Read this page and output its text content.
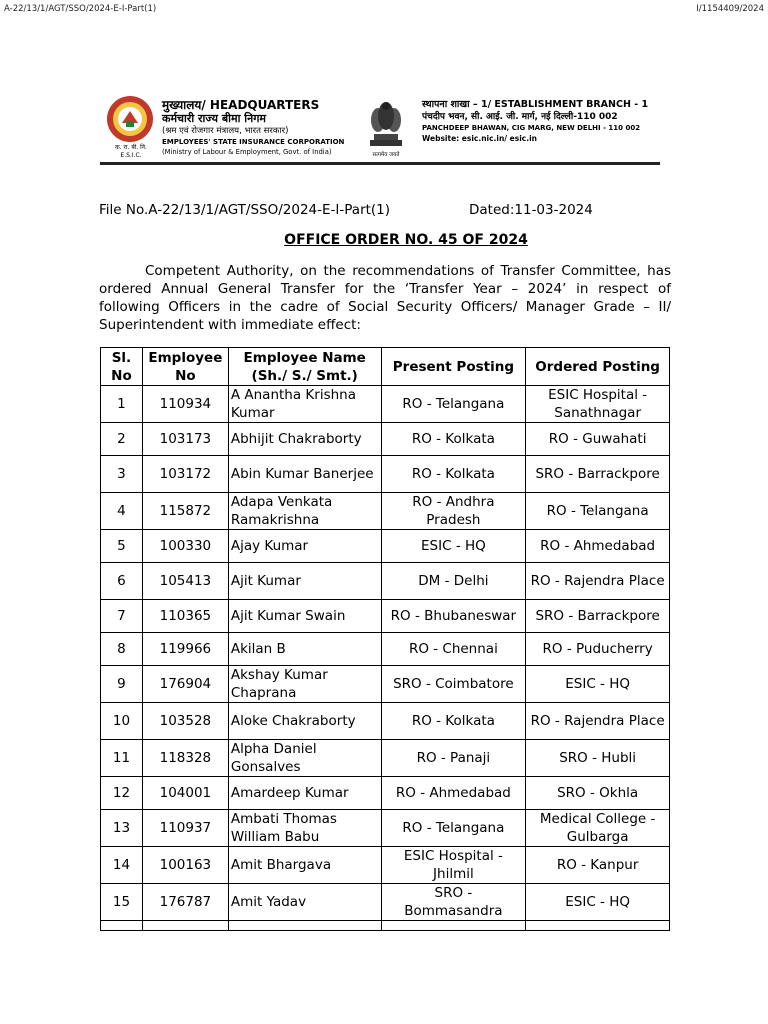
A-22/13/1/AGT/SSO/2024-E-I-Part(1)	I/1154409/2024
क. रा. बी. नि.
E.S.I.C.
मुख्यालय/ HEADQUARTERS
कर्मचारी राज्य बीमा निगम
(श्रम एवं रोजगार मंत्रालय, भारत सरकार)
EMPLOYEES' STATE INSURANCE CORPORATION
(Ministry of Labour & Employment, Govt. of India)	सत्यमेव जयते
स्थापना शाखा – 1/ ESTABLISHMENT BRANCH - 1
पंचदीप भवन, सी. आई. जी. मार्ग, नई दिल्ली-110 002
PANCHDEEP BHAWAN, CIG MARG, NEW DELHI - 110 002
Website: esic.nic.in/ esic.in
File No.A-22/13/1/AGT/SSO/2024-E-I-Part(1)	Dated:11-03-2024
OFFICE ORDER NO. 45 OF 2024
Competent Authority, on the recommendations of Transfer Committee, has ordered Annual General Transfer for the ‘Transfer Year – 2024’ in respect of following Officers in the cadre of Social Security Officers/ Manager Grade – II/ Superintendent with immediate effect:
Sl. No	Employee No	Employee Name (Sh./ S./ Smt.)	Present Posting	Ordered Posting
1	110934	A Anantha Krishna Kumar	RO - Telangana	ESIC Hospital - Sanathnagar
2	103173	Abhijit Chakraborty	RO - Kolkata	RO - Guwahati
3	103172	Abin Kumar Banerjee	RO - Kolkata	SRO - Barrackpore
4	115872	Adapa Venkata Ramakrishna	RO - Andhra Pradesh	RO - Telangana
5	100330	Ajay Kumar	ESIC - HQ	RO - Ahmedabad
6	105413	Ajit Kumar	DM - Delhi	RO - Rajendra Place
7	110365	Ajit Kumar Swain	RO - Bhubaneswar	SRO - Barrackpore
8	119966	Akilan B	RO - Chennai	RO - Puducherry
9	176904	Akshay Kumar Chaprana	SRO - Coimbatore	ESIC - HQ
10	103528	Aloke Chakraborty	RO - Kolkata	RO - Rajendra Place
11	118328	Alpha Daniel Gonsalves	RO - Panaji	SRO - Hubli
12	104001	Amardeep Kumar	RO - Ahmedabad	SRO - Okhla
13	110937	Ambati Thomas William Babu	RO - Telangana	Medical College - Gulbarga
14	100163	Amit Bhargava	ESIC Hospital - Jhilmil	RO - Kanpur
15	176787	Amit Yadav	SRO - Bommasandra	ESIC - HQ
